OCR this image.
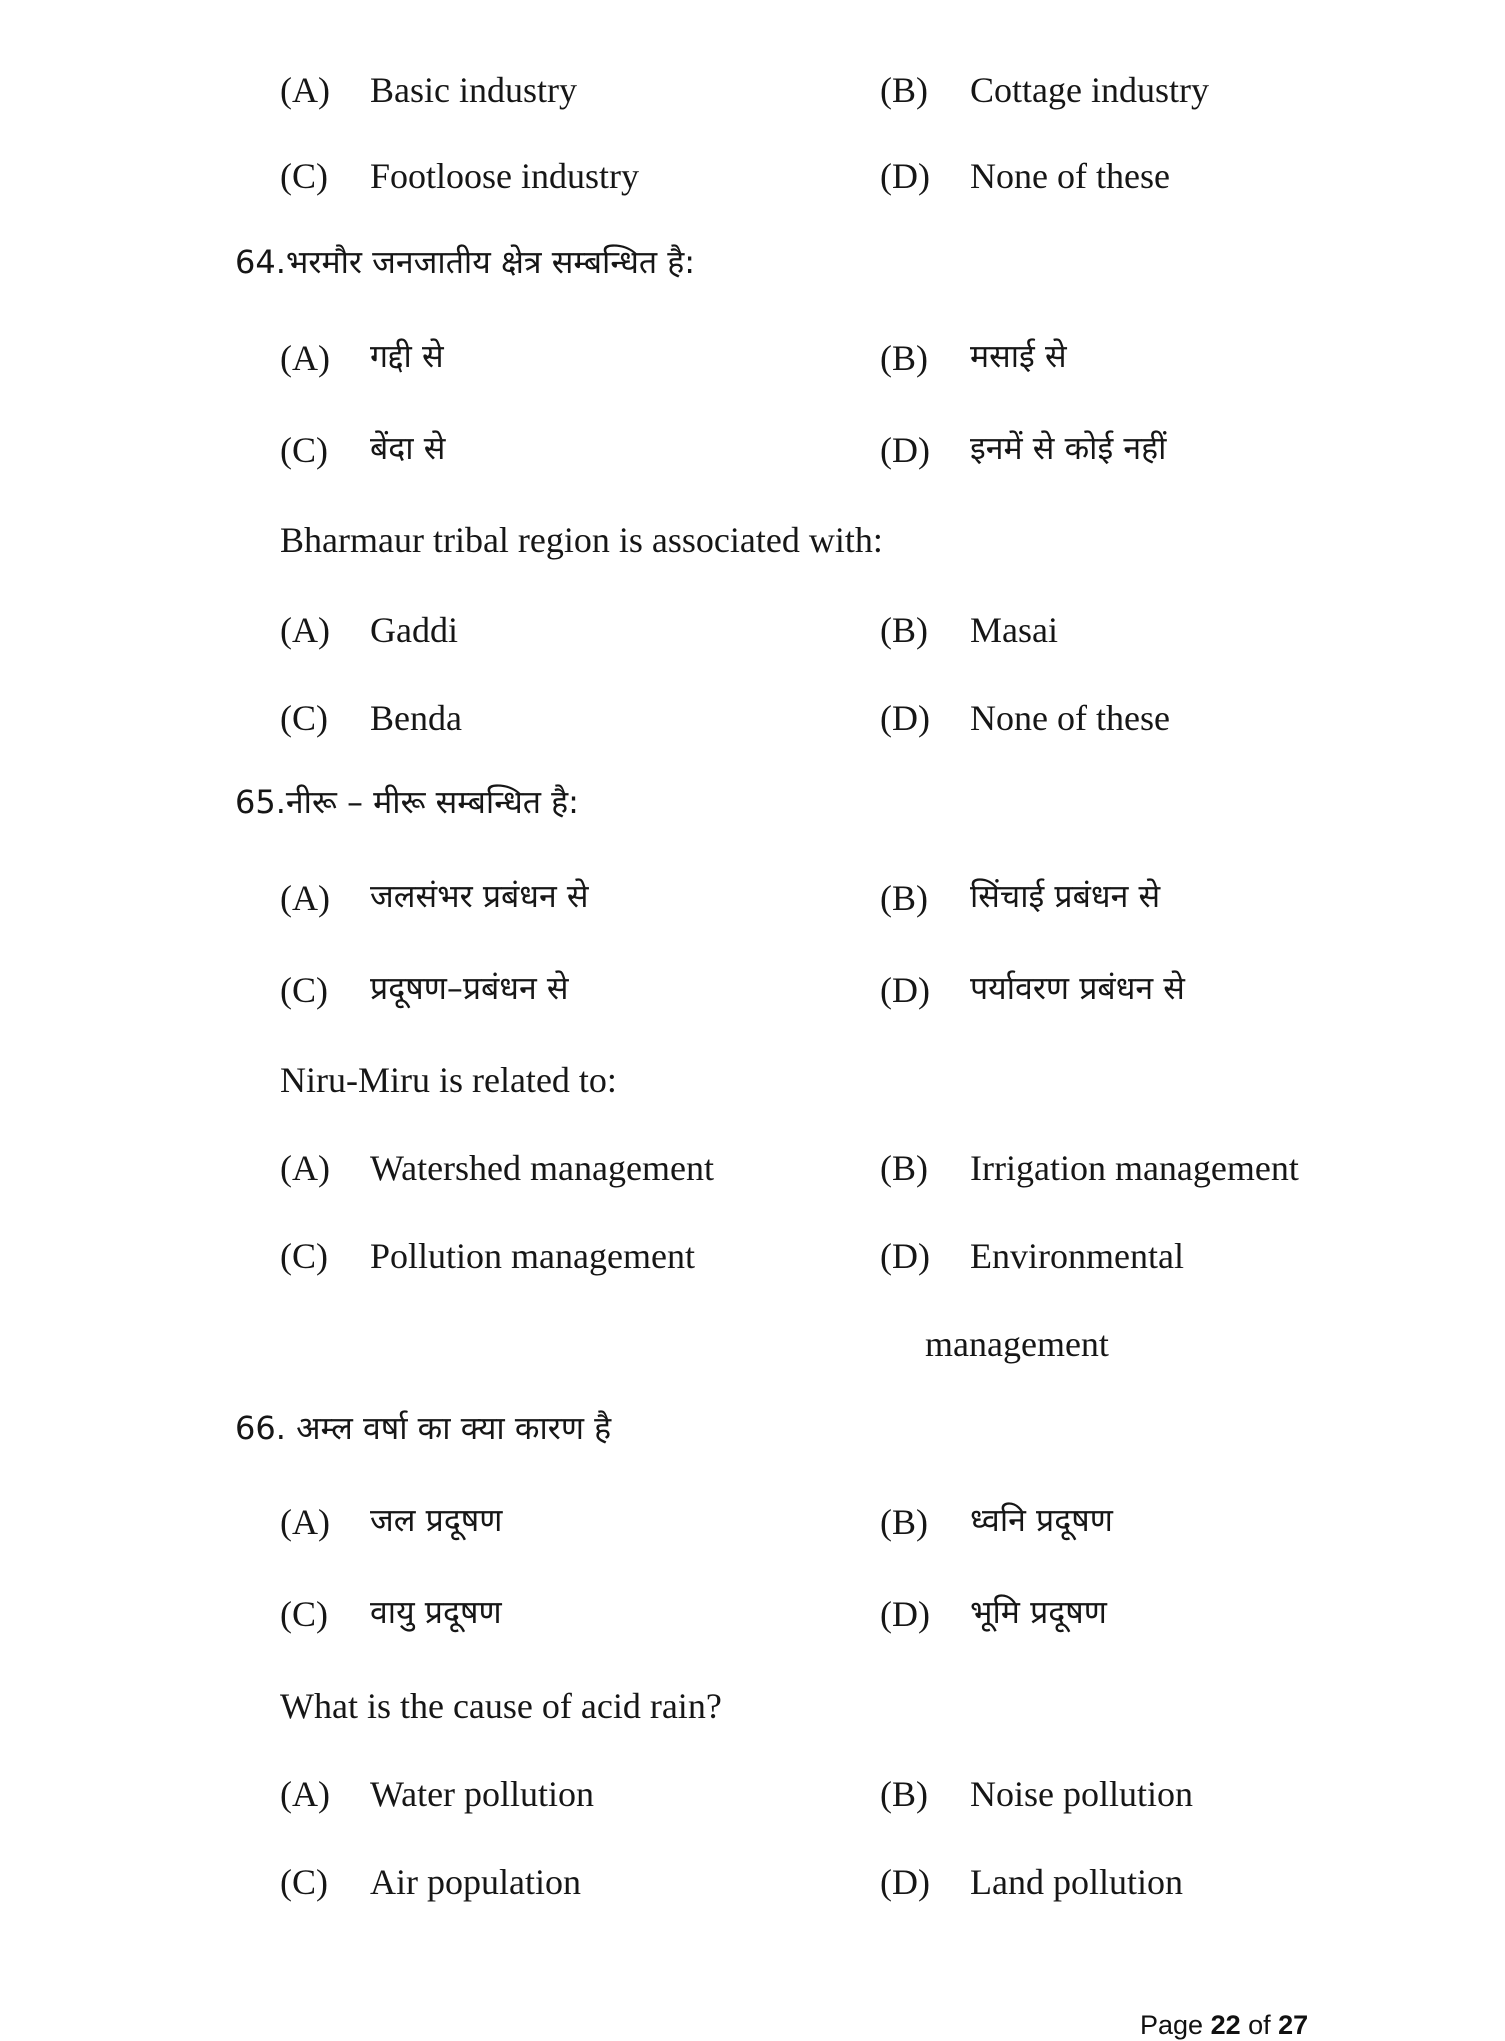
(A) Basic industry	(B) Cottage industry
(C) Footloose industry	(D) None of these
64.भरमौर जनजातीय क्षेत्र सम्बन्धित है:
(A) गद्दी से	(B) मसाई से
(C) बेंदा से	(D) इनमें से कोई नहीं
Bharmaur tribal region is associated with:
(A) Gaddi	(B) Masai
(C) Benda	(D) None of these
65.नीरू – मीरू सम्बन्धित है:
(A) जलसंभर प्रबंधन से	(B) सिंचाई प्रबंधन से
(C) प्रदूषण–प्रबंधन से	(D) पर्यावरण प्रबंधन से
Niru-Miru is related to:
(A) Watershed management	(B) Irrigation management
(C) Pollution management	(D) Environmental
management
66. अम्ल वर्षा का क्या कारण है
(A) जल प्रदूषण	(B) ध्वनि प्रदूषण
(C) वायु प्रदूषण	(D) भूमि प्रदूषण
What is the cause of acid rain?
(A) Water pollution	(B) Noise pollution
(C) Air population	(D) Land pollution
Page 22 of 27
